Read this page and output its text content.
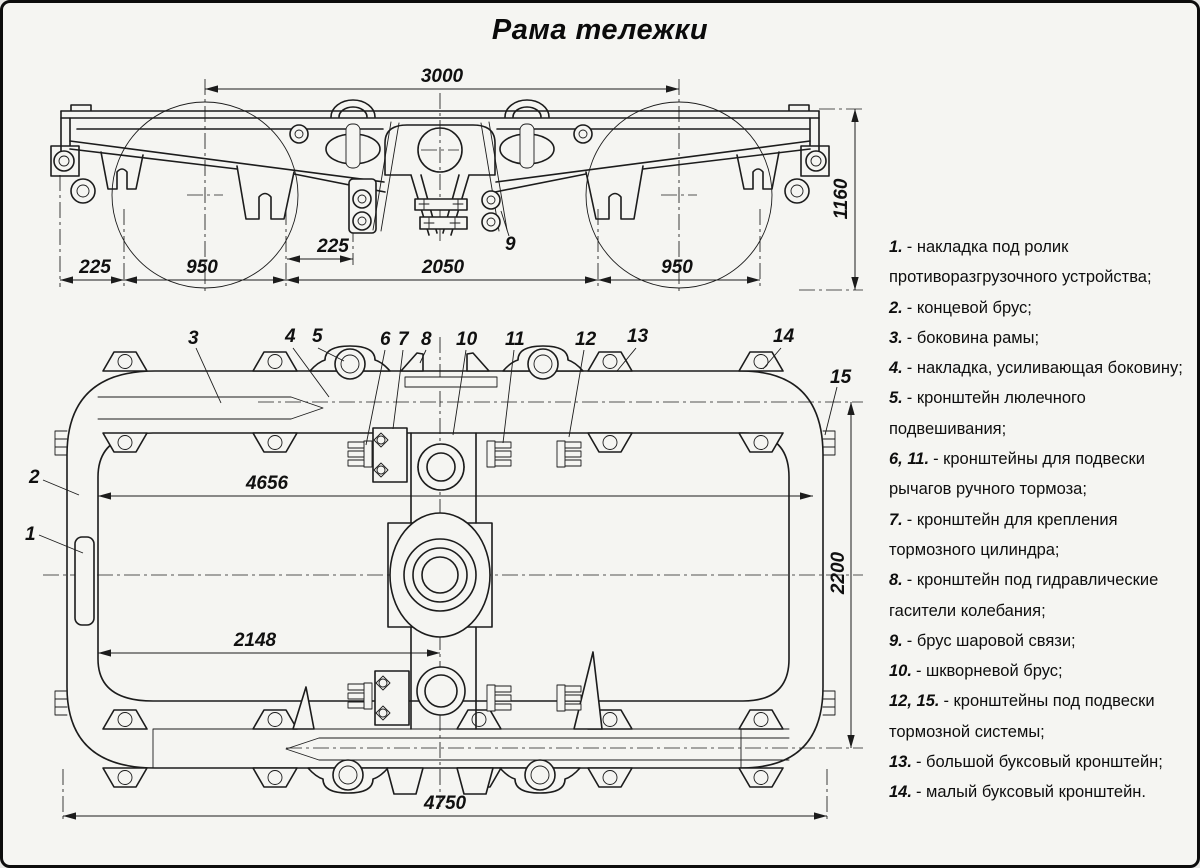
Рама тележки
3000
225	950
225
2050	950
1160
9
4656
2148
2200
4750
3	4 5	6 7 8 10 11	12 13	14
15
2
1
1. - накладка под ролик
противоразгрузочного устройства;
2. - концевой брус;
3. - боковина рамы;
4. - накладка, усиливающая боковину;
5. - кронштейн люлечного
подвешивания;
6, 11. - кронштейны для подвески
рычагов ручного тормоза;
7. - кронштейн для крепления
тормозного цилиндра;
8. - кронштейн под гидравлические
гасители колебания;
9. - брус шаровой связи;
10. - шкворневой брус;
12, 15. - кронштейны под подвески
тормозной системы;
13. - большой буксовый кронштейн;
14. - малый буксовый кронштейн.
